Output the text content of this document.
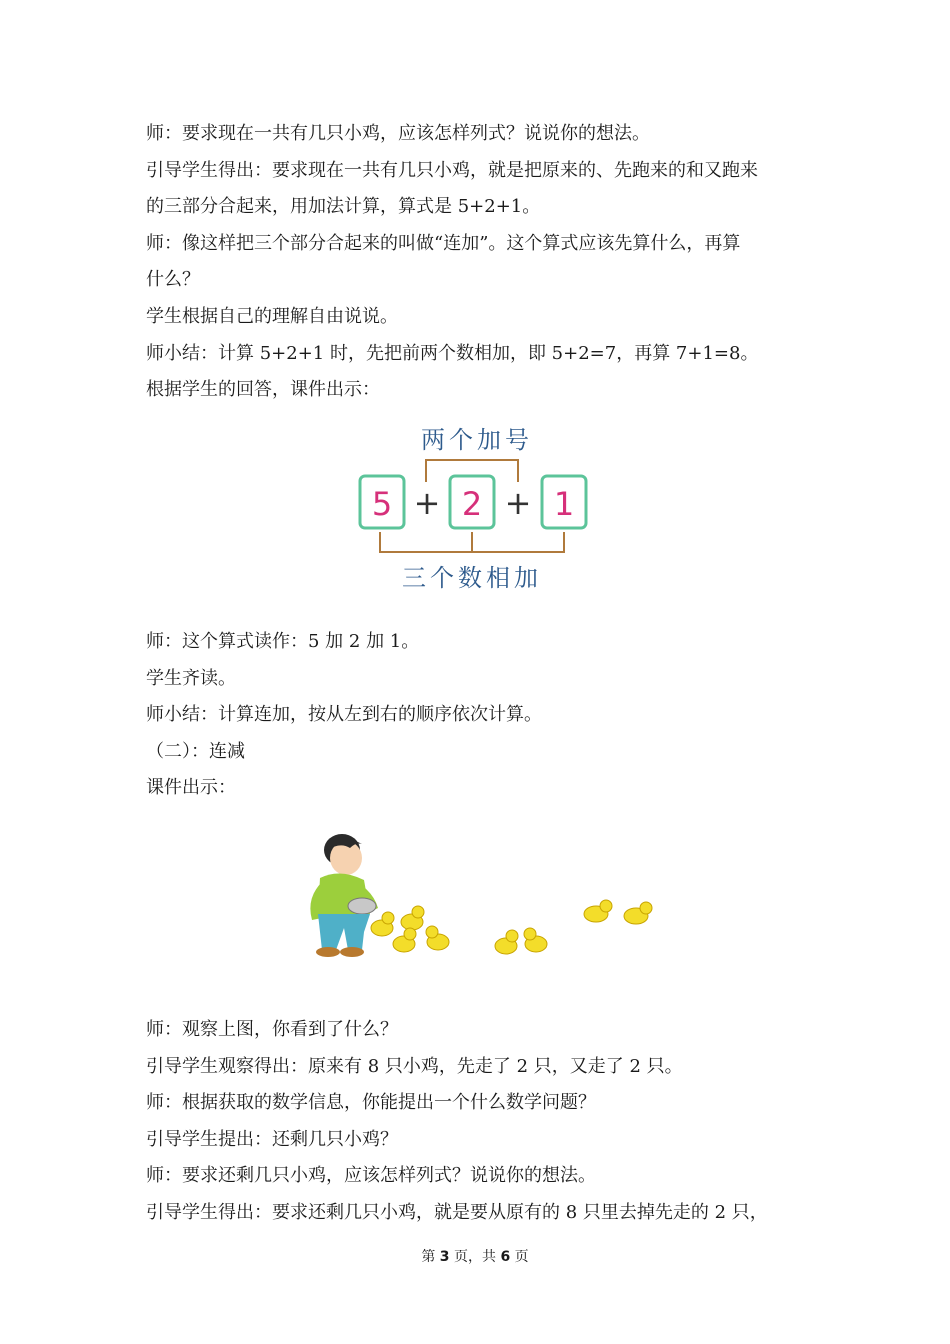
师：要求现在一共有几只小鸡，应该怎样列式？说说你的想法。
引导学生得出：要求现在一共有几只小鸡，就是把原来的、先跑来的和又跑来
的三部分合起来，用加法计算，算式是 5+2+1。
师：像这样把三个部分合起来的叫做“连加”。这个算式应该先算什么，再算
什么？
学生根据自己的理解自由说说。
师小结：计算 5+2+1 时，先把前两个数相加，即 5+2=7，再算 7+1=8。
根据学生的回答，课件出示：
两个加号
5 2 1
+ +
三个数相加
师：这个算式读作：5 加 2 加 1。
学生齐读。
师小结：计算连加，按从左到右的顺序依次计算。
（二）：连减
课件出示：
师：观察上图，你看到了什么？
引导学生观察得出：原来有 8 只小鸡，先走了 2 只，又走了 2 只。
师：根据获取的数学信息，你能提出一个什么数学问题？
引导学生提出：还剩几只小鸡？
师：要求还剩几只小鸡，应该怎样列式？说说你的想法。
引导学生得出：要求还剩几只小鸡，就是要从原有的 8 只里去掉先走的 2 只，
第 3 页，共 6 页
